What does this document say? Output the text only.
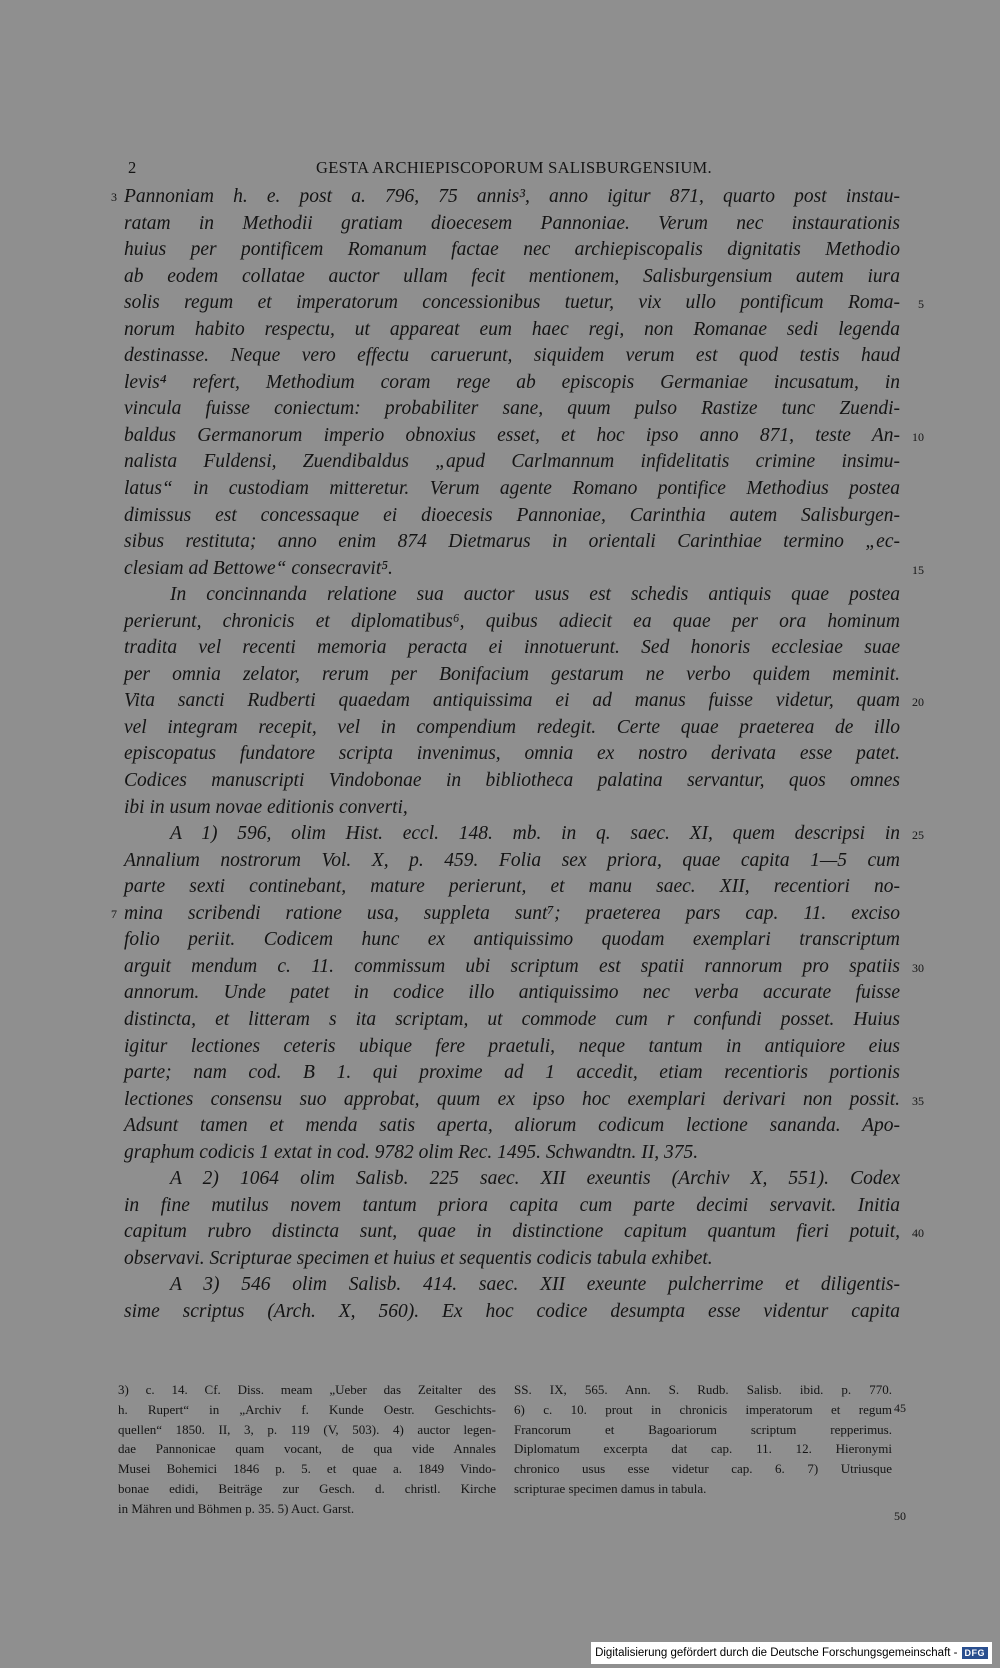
2	GESTA ARCHIEPISCOPORUM SALISBURGENSIUM.
Pannoniam h. e. post a. 796, 75 annis³, anno igitur 871, quarto post instau-
3
ratam in Methodii gratiam dioecesem Pannoniae. Verum nec instaurationis
huius per pontificem Romanum factae nec archiepiscopalis dignitatis Methodio
ab eodem collatae auctor ullam fecit mentionem, Salisburgensium autem iura
solis regum et imperatorum concessionibus tuetur, vix ullo pontificum Roma- 5
norum habito respectu, ut appareat eum haec regi, non Romanae sedi legenda
destinasse. Neque vero effectu caruerunt, siquidem verum est quod testis haud
levis⁴ refert, Methodium coram rege ab episcopis Germaniae incusatum, in
vincula fuisse coniectum: probabiliter sane, quum pulso Rastize tunc Zuendi-
baldus Germanorum imperio obnoxius esset, et hoc ipso anno 871, teste An- 10
nalista Fuldensi, Zuendibaldus „apud Carlmannum infidelitatis crimine insimu-
latus“ in custodiam mitteretur. Verum agente Romano pontifice Methodius postea
dimissus est concessaque ei dioecesis Pannoniae, Carinthia autem Salisburgen-
sibus restituta; anno enim 874 Dietmarus in orientali Carinthiae termino „ec-
clesiam ad Bettowe“ consecravit⁵.	15
In concinnanda relatione sua auctor usus est schedis antiquis quae postea
perierunt, chronicis et diplomatibus⁶, quibus adiecit ea quae per ora hominum
tradita vel recenti memoria peracta ei innotuerunt. Sed honoris ecclesiae suae
per omnia zelator, rerum per Bonifacium gestarum ne verbo quidem meminit.
Vita sancti Rudberti quaedam antiquissima ei ad manus fuisse videtur, quam 20
vel integram recepit, vel in compendium redegit. Certe quae praeterea de illo
episcopatus fundatore scripta invenimus, omnia ex nostro derivata esse patet.
Codices manuscripti Vindobonae in bibliotheca palatina servantur, quos omnes
ibi in usum novae editionis converti,
A 1) 596, olim Hist. eccl. 148. mb. in q. saec. XI, quem descripsi in 25
Annalium nostrorum Vol. X, p. 459. Folia sex priora, quae capita 1—5 cum
parte sexti continebant, mature perierunt, et manu saec. XII, recentiori no-
mina scribendi ratione usa, suppleta sunt⁷; praeterea pars cap. 11. exciso
7
folio periit. Codicem hunc ex antiquissimo quodam exemplari transcriptum
arguit mendum c. 11. commissum ubi scriptum est spatii rannorum pro spatiis 30
annorum. Unde patet in codice illo antiquissimo nec verba accurate fuisse
distincta, et litteram s ita scriptam, ut commode cum r confundi posset. Huius
igitur lectiones ceteris ubique fere praetuli, neque tantum in antiquiore eius
parte; nam cod. B 1. qui proxime ad 1 accedit, etiam recentioris portionis
lectiones consensu suo approbat, quum ex ipso hoc exemplari derivari non possit. 35
Adsunt tamen et menda satis aperta, aliorum codicum lectione sananda. Apo-
graphum codicis 1 extat in cod. 9782 olim Rec. 1495. Schwandtn. II, 375.
A 2) 1064 olim Salisb. 225 saec. XII exeuntis (Archiv X, 551). Codex
in fine mutilus novem tantum priora capita cum parte decimi servavit. Initia
capitum rubro distincta sunt, quae in distinctione capitum quantum fieri potuit, 40
observavi. Scripturae specimen et huius et sequentis codicis tabula exhibet.
A 3) 546 olim Salisb. 414. saec. XII exeunte pulcherrime et diligentis-
sime scriptus (Arch. X, 560). Ex hoc codice desumpta esse videntur capita
3) c. 14. Cf. Diss. meam „Ueber das Zeitalter des
h. Rupert“ in „Archiv f. Kunde Oestr. Geschichts-
quellen“ 1850. II, 3, p. 119 (V, 503). 4) auctor legen-
dae Pannonicae quam vocant, de qua vide Annales
Musei Bohemici 1846 p. 5. et quae a. 1849 Vindo-
bonae edidi, Beiträge zur Gesch. d. christl. Kirche
in Mähren und Böhmen p. 35. 5) Auct. Garst.
SS. IX, 565. Ann. S. Rudb. Salisb. ibid. p. 770.
6) c. 10. prout in chronicis imperatorum et regum
Francorum et Bagoariorum scriptum repperimus.
Diplomatum excerpta dat cap. 11. 12. Hieronymi
chronico usus esse videtur cap. 6. 7) Utriusque
scripturae specimen damus in tabula.
45
50
Digitalisierung gefördert durch die Deutsche Forschungsgemeinschaft - DFG
